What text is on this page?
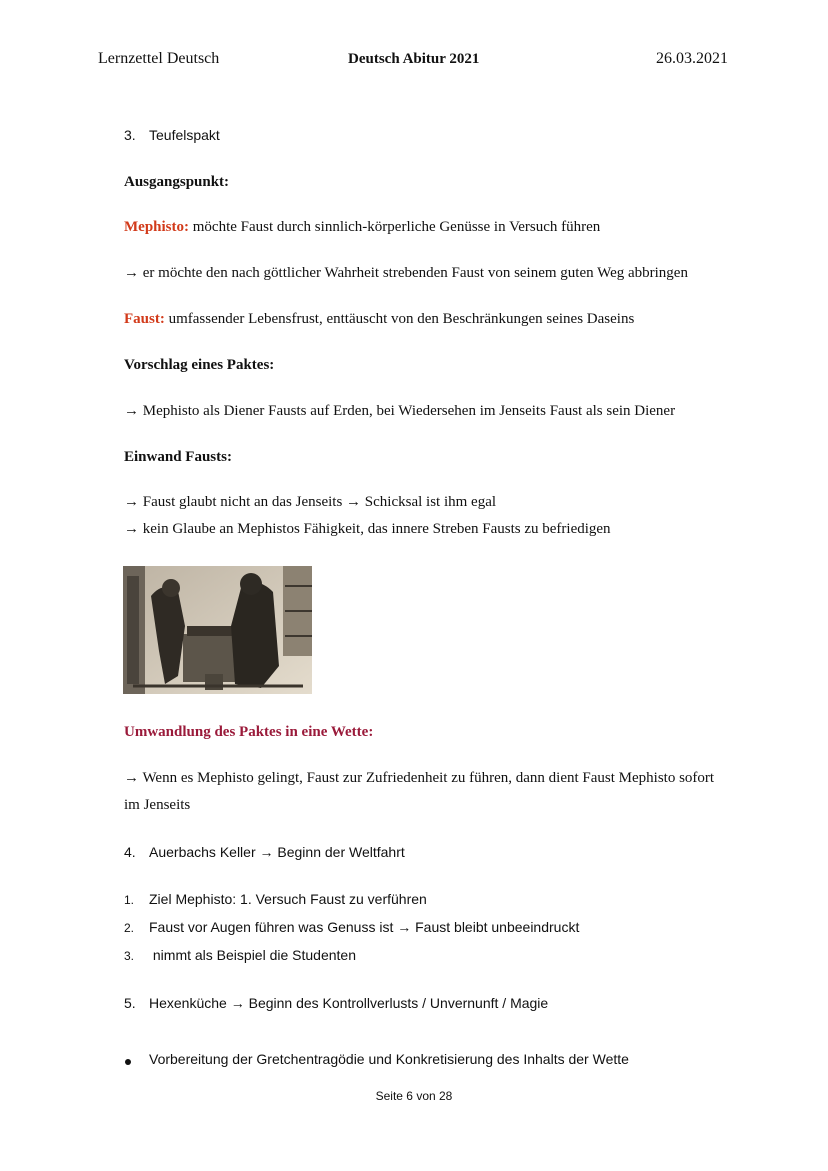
Lernzettel Deutsch	Deutsch Abitur 2021	26.03.2021
3. Teufelspakt
Ausgangspunkt:
Mephisto: möchte Faust durch sinnlich-körperliche Genüsse in Versuch führen
→ er möchte den nach göttlicher Wahrheit strebenden Faust von seinem guten Weg abbringen
Faust: umfassender Lebensfrust, enttäuscht von den Beschränkungen seines Daseins
Vorschlag eines Paktes:
→ Mephisto als Diener Fausts auf Erden, bei Wiedersehen im Jenseits Faust als sein Diener
Einwand Fausts:
→ Faust glaubt nicht an das Jenseits → Schicksal ist ihm egal
→ kein Glaube an Mephistos Fähigkeit, das innere Streben Fausts zu befriedigen
Umwandlung des Paktes in eine Wette:
→ Wenn es Mephisto gelingt, Faust zur Zufriedenheit zu führen, dann dient Faust Mephisto sofort
im Jenseits
4. Auerbachs Keller → Beginn der Weltfahrt
1. Ziel Mephisto: 1. Versuch Faust zu verführen
2. Faust vor Augen führen was Genuss ist → Faust bleibt unbeeindruckt
3. nimmt als Beispiel die Studenten
5. Hexenküche → Beginn des Kontrollverlusts / Unvernunft / Magie
Vorbereitung der Gretchentragödie und Konkretisierung des Inhalts der Wette
Seite 6 von 28
